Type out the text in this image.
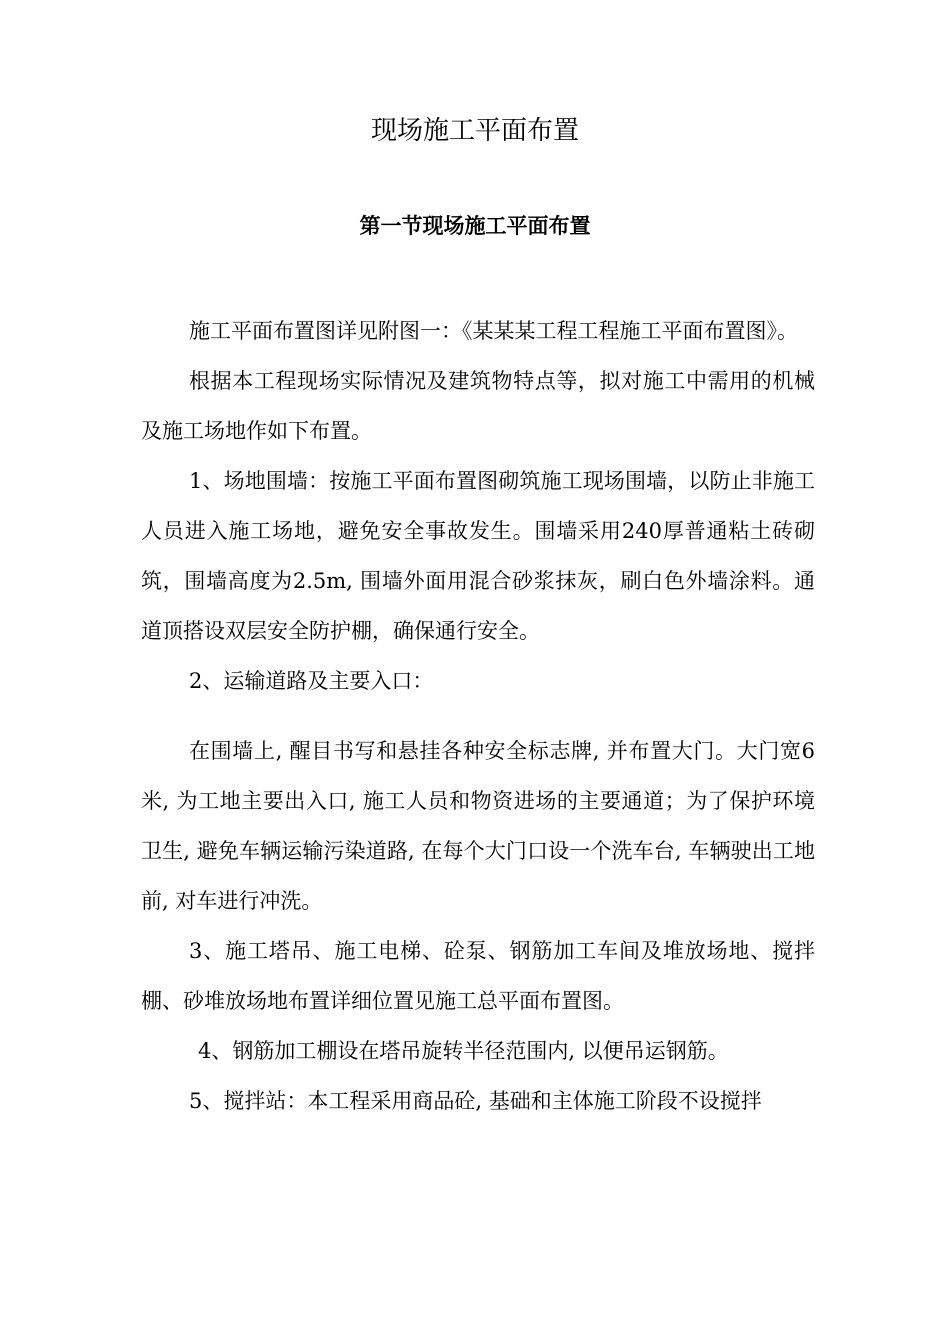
现场施工平面布置
第一节现场施工平面布置

施工平面布置图详见附图一：《某某某工程工程施工平面布置图》。

根据本工程现场实际情况及建筑物特点等，拟对施工中需用的机械及施工场地作如下布置。

1、场地围墙：按施工平面布置图砌筑施工现场围墙，以防止非施工人员进入施工场地，避免安全事故发生。围墙采用240厚普通粘土砖砌筑，围墙高度为2.5m, 围墙外面用混合砂浆抹灰，刷白色外墙涂料。通道顶搭设双层安全防护棚，确保通行安全。

2、运输道路及主要入口：

在围墙上, 醒目书写和悬挂各种安全标志牌, 并布置大门。大门宽6米, 为工地主要出入口, 施工人员和物资进场的主要通道；为了保护环境卫生, 避免车辆运输污染道路, 在每个大门口设一个洗车台, 车辆驶出工地前, 对车进行冲洗。

3、施工塔吊、施工电梯、砼泵、钢筋加工车间及堆放场地、搅拌棚、砂堆放场地布置详细位置见施工总平面布置图。

4、钢筋加工棚设在塔吊旋转半径范围内, 以便吊运钢筋。

5、搅拌站：本工程采用商品砼, 基础和主体施工阶段不设搅拌
